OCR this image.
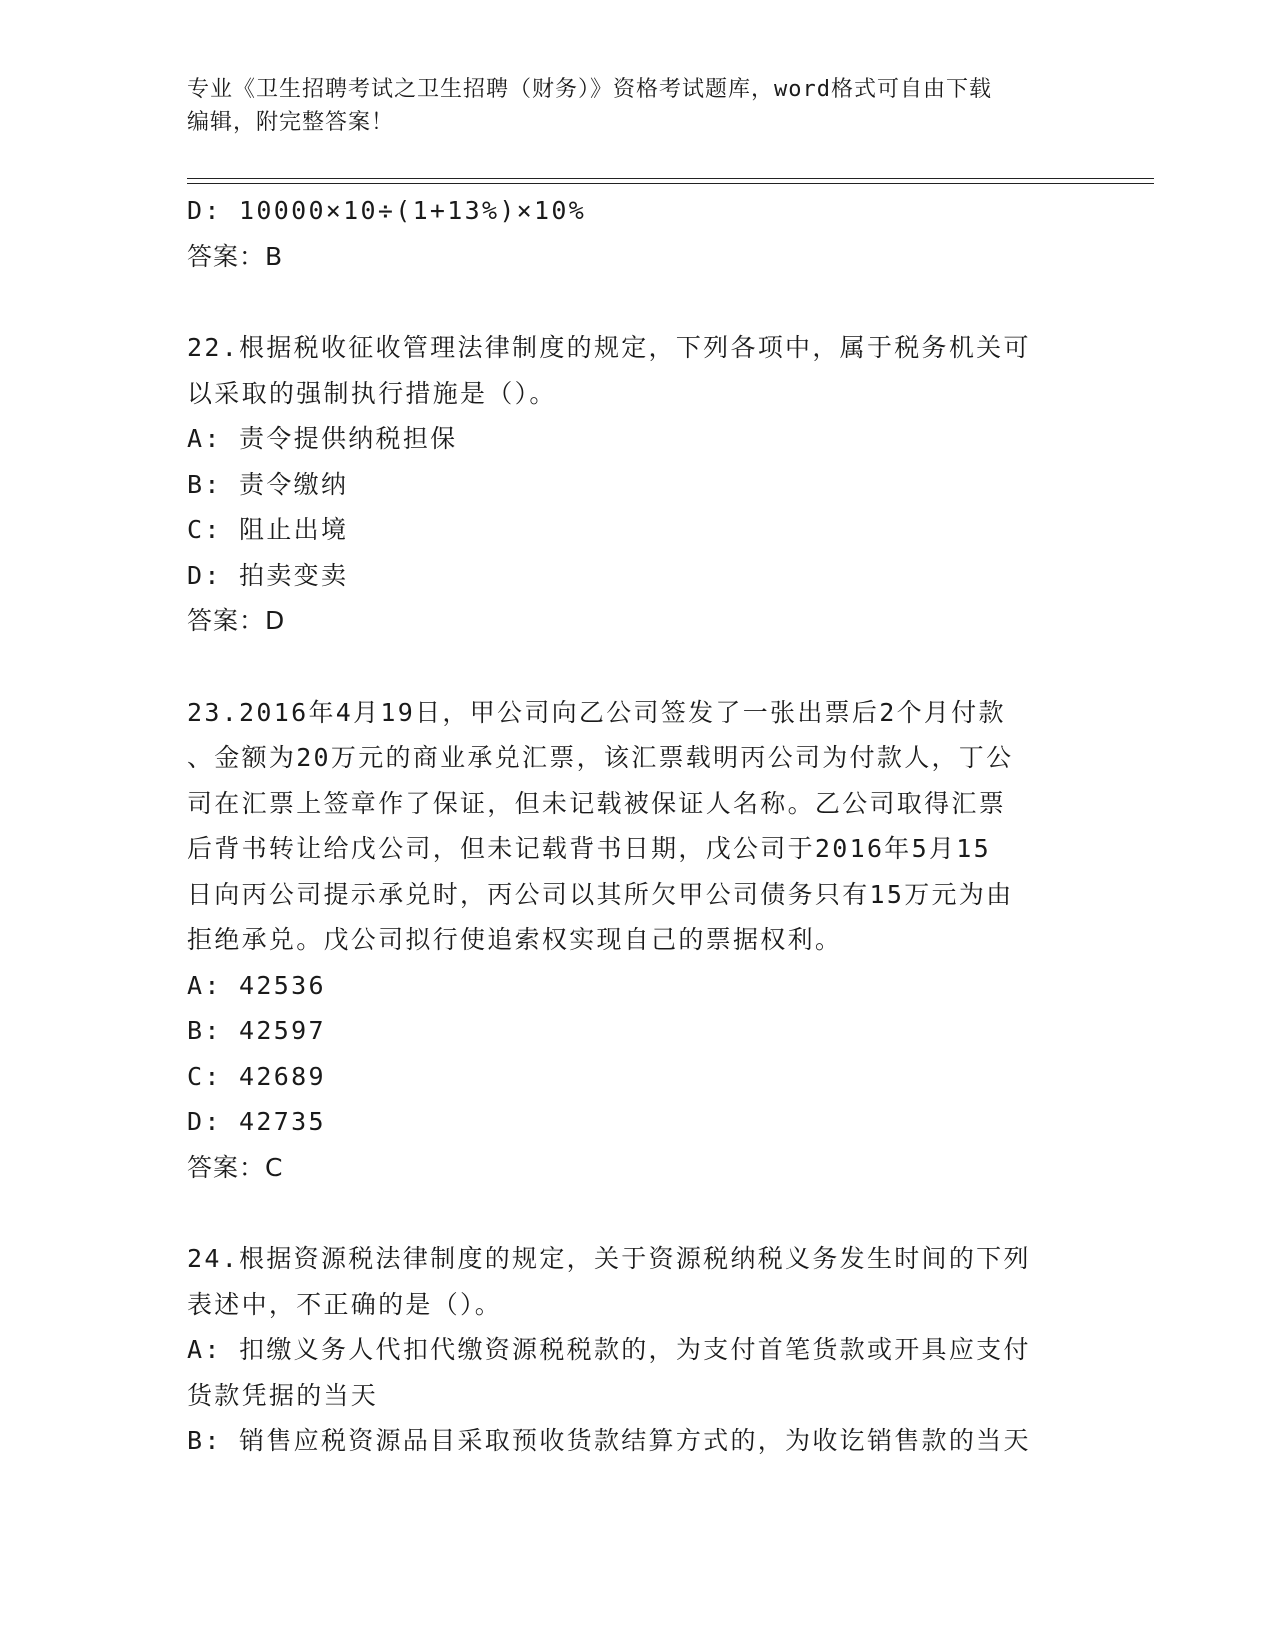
专业《卫生招聘考试之卫生招聘（财务）》资格考试题库，word格式可自由下载
编辑，附完整答案！
D: 10000×10÷(1+13%)×10%
答案：B
22.根据税收征收管理法律制度的规定，下列各项中，属于税务机关可
以采取的强制执行措施是（）。
A: 责令提供纳税担保
B: 责令缴纳
C: 阻止出境
D: 拍卖变卖
答案：D
23.2016年4月19日，甲公司向乙公司签发了一张出票后2个月付款
、金额为20万元的商业承兑汇票，该汇票载明丙公司为付款人，丁公
司在汇票上签章作了保证，但未记载被保证人名称。乙公司取得汇票
后背书转让给戊公司，但未记载背书日期，戊公司于2016年5月15
日向丙公司提示承兑时，丙公司以其所欠甲公司债务只有15万元为由
拒绝承兑。戊公司拟行使追索权实现自己的票据权利。
A: 42536
B: 42597
C: 42689
D: 42735
答案：C
24.根据资源税法律制度的规定，关于资源税纳税义务发生时间的下列
表述中，不正确的是（）。
A: 扣缴义务人代扣代缴资源税税款的，为支付首笔货款或开具应支付
货款凭据的当天
B: 销售应税资源品目采取预收货款结算方式的，为收讫销售款的当天
